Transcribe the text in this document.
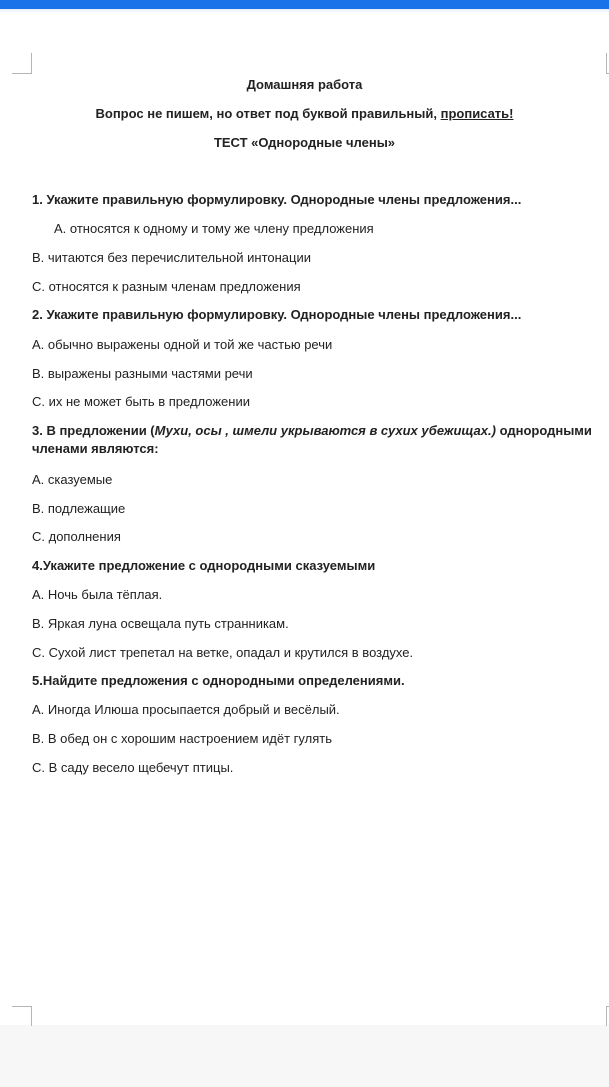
Домашняя работа
Вопрос не пишем, но ответ под буквой правильный, прописать!
ТЕСТ «Однородные члены»
1. Укажите правильную формулировку. Однородные члены предложения...
А. относятся к одному и тому же члену предложения
В. читаются без перечислительной интонации
С. относятся к разным членам предложения
2. Укажите правильную формулировку. Однородные члены предложения...
А. обычно выражены одной и той же частью речи
В. выражены разными частями речи
С. их не может быть в предложении
3. В предложении (Мухи, осы , шмели укрываются в сухих убежищах.) однородными членами являются:
А. сказуемые
В. подлежащие
С. дополнения
4.Укажите предложение с однородными сказуемыми
А. Ночь была тёплая.
В. Яркая луна освещала путь странникам.
С. Сухой лист трепетал на ветке, опадал и крутился в воздухе.
5.Найдите предложения с однородными определениями.
А. Иногда Илюша просыпается добрый и весёлый.
В. В обед он с хорошим настроением идёт гулять
С. В саду весело щебечут птицы.
